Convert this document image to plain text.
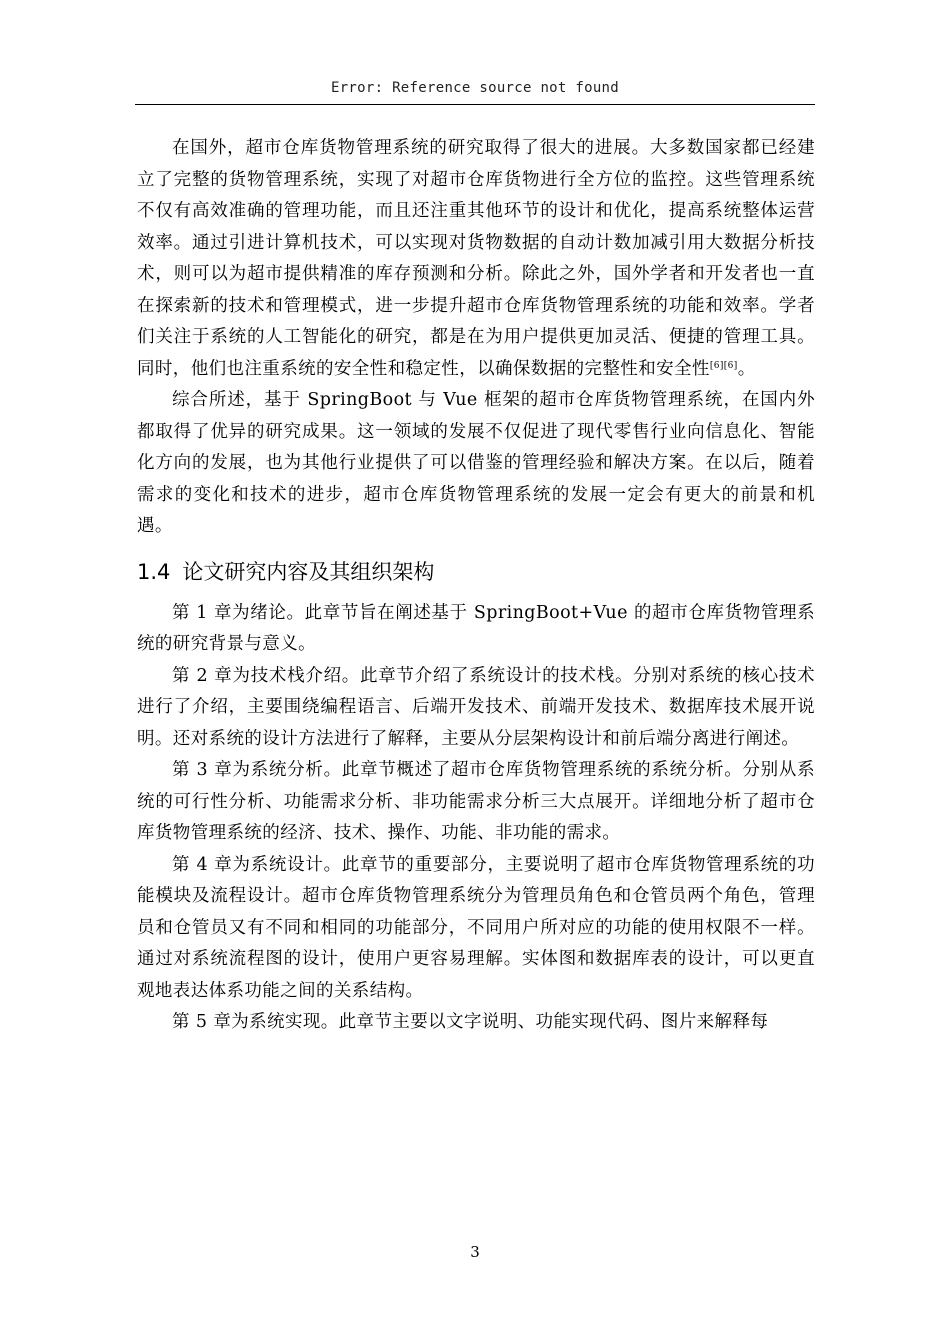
Error: Reference source not found

在国外，超市仓库货物管理系统的研究取得了很大的进展。大多数国家都已经建立了完整的货物管理系统，实现了对超市仓库货物进行全方位的监控。这些管理系统不仅有高效准确的管理功能，而且还注重其他环节的设计和优化，提高系统整体运营效率。通过引进计算机技术，可以实现对货物数据的自动计数加减引用大数据分析技术，则可以为超市提供精准的库存预测和分析。除此之外，国外学者和开发者也一直在探索新的技术和管理模式，进一步提升超市仓库货物管理系统的功能和效率。学者们关注于系统的人工智能化的研究，都是在为用户提供更加灵活、便捷的管理工具。同时，他们也注重系统的安全性和稳定性，以确保数据的完整性和安全性[6][6]。

综合所述，基于 SpringBoot 与 Vue 框架的超市仓库货物管理系统，在国内外都取得了优异的研究成果。这一领域的发展不仅促进了现代零售行业向信息化、智能化方向的发展，也为其他行业提供了可以借鉴的管理经验和解决方案。在以后，随着需求的变化和技术的进步，超市仓库货物管理系统的发展一定会有更大的前景和机遇。

1.4 论文研究内容及其组织架构

第 1 章为绪论。此章节旨在阐述基于 SpringBoot+Vue 的超市仓库货物管理系统的研究背景与意义。

第 2 章为技术栈介绍。此章节介绍了系统设计的技术栈。分别对系统的核心技术进行了介绍，主要围绕编程语言、后端开发技术、前端开发技术、数据库技术展开说明。还对系统的设计方法进行了解释，主要从分层架构设计和前后端分离进行阐述。

第 3 章为系统分析。此章节概述了超市仓库货物管理系统的系统分析。分别从系统的可行性分析、功能需求分析、非功能需求分析三大点展开。详细地分析了超市仓库货物管理系统的经济、技术、操作、功能、非功能的需求。

第 4 章为系统设计。此章节的重要部分，主要说明了超市仓库货物管理系统的功能模块及流程设计。超市仓库货物管理系统分为管理员角色和仓管员两个角色，管理员和仓管员又有不同和相同的功能部分，不同用户所对应的功能的使用权限不一样。通过对系统流程图的设计，使用户更容易理解。实体图和数据库表的设计，可以更直观地表达体系功能之间的关系结构。

第 5 章为系统实现。此章节主要以文字说明、功能实现代码、图片来解释每

3
